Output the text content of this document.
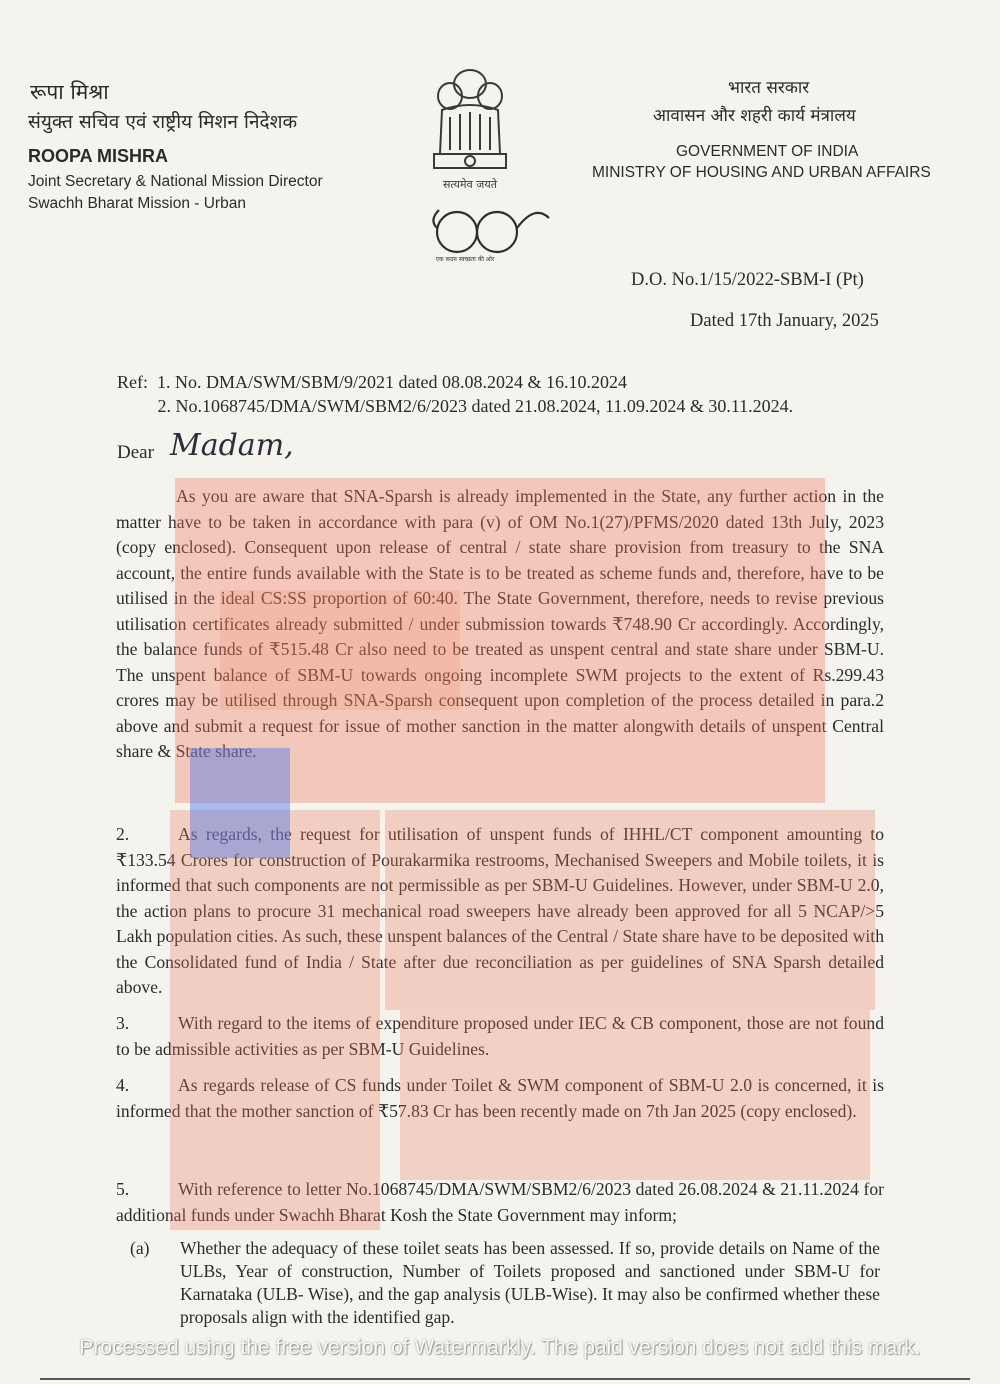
रूपा मिश्रा
संयुक्त सचिव एवं राष्ट्रीय मिशन निदेशक
ROOPA MISHRA
Joint Secretary & National Mission Director
Swachh Bharat Mission - Urban
सत्यमेव जयते
एक कदम स्वच्छता की ओर
भारत सरकार
आवासन और शहरी कार्य मंत्रालय
GOVERNMENT OF INDIA
MINISTRY OF HOUSING AND URBAN AFFAIRS
D.O. No.1/15/2022-SBM-I (Pt)
Dated 17th January, 2025
Ref:  1. No. DMA/SWM/SBM/9/2021 dated 08.08.2024 & 16.10.2024
2. No.1068745/DMA/SWM/SBM2/6/2023 dated 21.08.2024, 11.09.2024 & 30.11.2024.
Dear Madam,

As you are aware that SNA-Sparsh is already implemented in the State, any further action in the matter have to be taken in accordance with para (v) of OM No.1(27)/PFMS/2020 dated 13th July, 2023 (copy enclosed). Consequent upon release of central / state share provision from treasury to the SNA account, the entire funds available with the State is to be treated as scheme funds and, therefore, have to be utilised in the ideal CS:SS proportion of 60:40. The State Government, therefore, needs to revise previous utilisation certificates already submitted / under submission towards ₹748.90 Cr accordingly. Accordingly, the balance funds of ₹515.48 Cr also need to be treated as unspent central and state share under SBM-U. The unspent balance of SBM-U towards ongoing incomplete SWM projects to the extent of Rs.299.43 crores may be utilised through SNA-Sparsh consequent upon completion of the process detailed in para.2 above and submit a request for issue of mother sanction in the matter alongwith details of unspent Central share & State share.

2.	As regards, the request for utilisation of unspent funds of IHHL/CT component amounting to ₹133.54 Crores for construction of Pourakarmika restrooms, Mechanised Sweepers and Mobile toilets, it is informed that such components are not permissible as per SBM-U Guidelines. However, under SBM-U 2.0, the action plans to procure 31 mechanical road sweepers have already been approved for all 5 NCAP/>5 Lakh population cities. As such, these unspent balances of the Central / State share have to be deposited with the Consolidated fund of India / State after due reconciliation as per guidelines of SNA Sparsh detailed above.

3.	With regard to the items of expenditure proposed under IEC & CB component, those are not found to be admissible activities as per SBM-U Guidelines.

4.	As regards release of CS funds under Toilet & SWM component of SBM-U 2.0 is concerned, it is informed that the mother sanction of ₹57.83 Cr has been recently made on 7th Jan 2025 (copy enclosed).

5.	With reference to letter No.1068745/DMA/SWM/SBM2/6/2023 dated 26.08.2024 & 21.11.2024 for additional funds under Swachh Bharat Kosh the State Government may inform;

(a) Whether the adequacy of these toilet seats has been assessed. If so, provide details on Name of the ULBs, Year of construction, Number of Toilets proposed and sanctioned under SBM-U for Karnataka (ULB- Wise), and the gap analysis (ULB-Wise). It may also be confirmed whether these proposals align with the identified gap.
Processed using the free version of Watermarkly. The paid version does not add this mark.
